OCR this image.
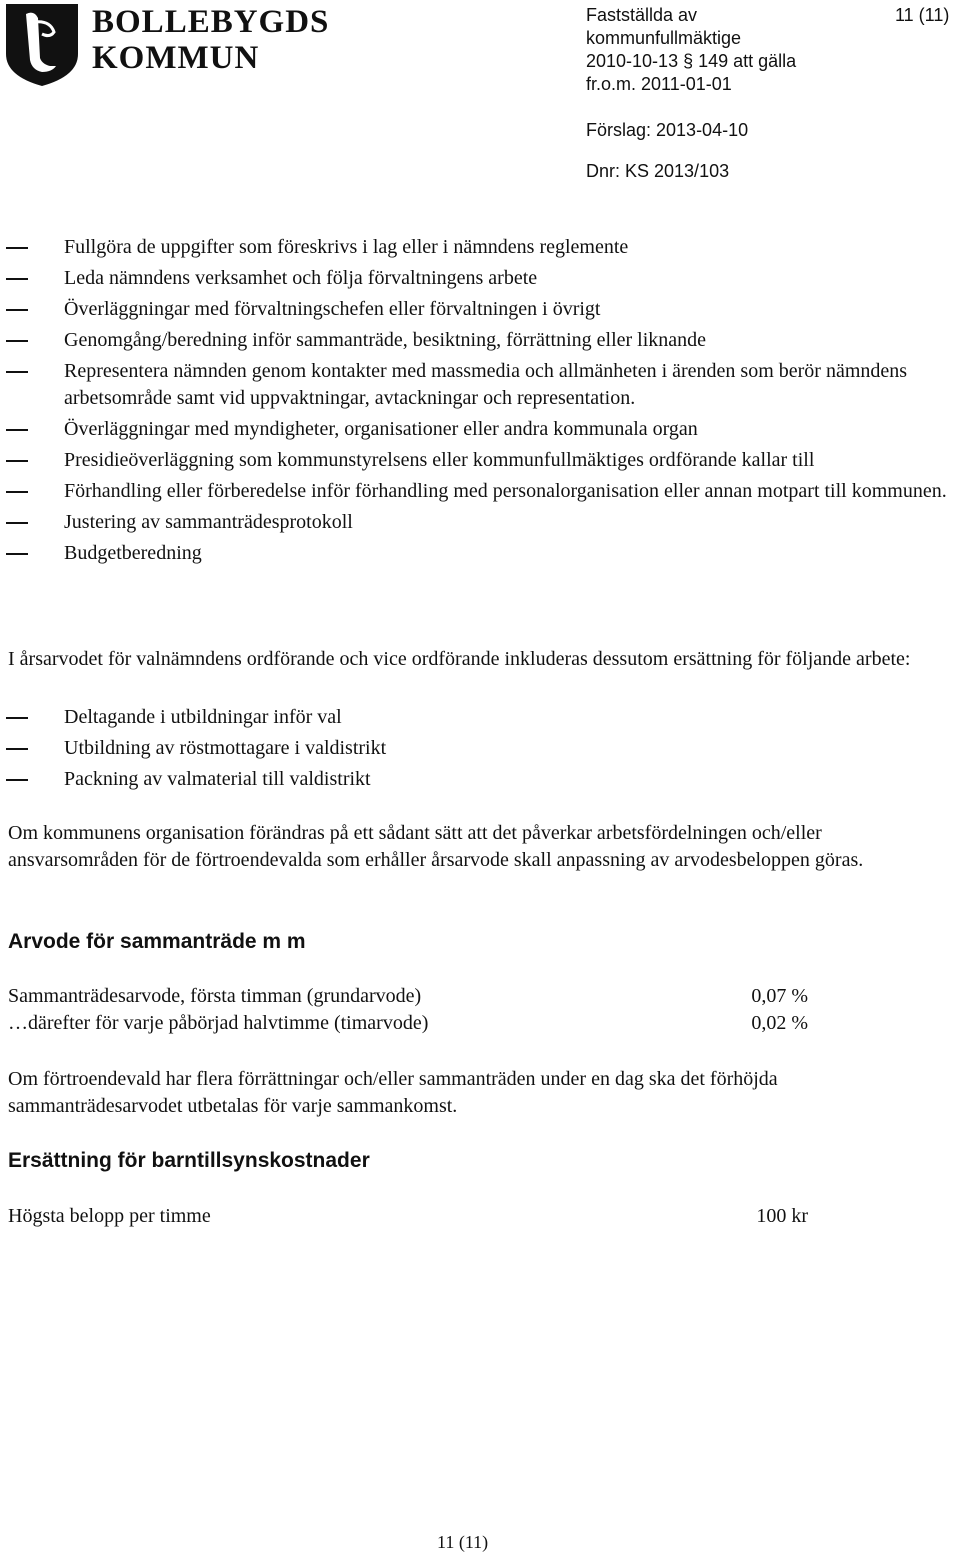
BOLLEBYGDS
KOMMUN
Fastställda av
kommunfullmäktige
2010-10-13 § 149 att gälla
fr.o.m. 2011-01-01
11 (11)
Förslag: 2013-04-10
Dnr: KS 2013/103
Fullgöra de uppgifter som föreskrivs i lag eller i nämndens reglemente
Leda nämndens verksamhet och följa förvaltningens arbete
Överläggningar med förvaltningschefen eller förvaltningen i övrigt
Genomgång/beredning inför sammanträde, besiktning, förrättning eller liknande
Representera nämnden genom kontakter med massmedia och allmänheten i ärenden som berör nämndens arbetsområde samt vid uppvaktningar, avtackningar och representation.
Överläggningar med myndigheter, organisationer eller andra kommunala organ
Presidieöverläggning som kommunstyrelsens eller kommunfullmäktiges ordförande kallar till
Förhandling eller förberedelse inför förhandling med personalorganisation eller annan motpart till kommunen.
Justering av sammanträdesprotokoll
Budgetberedning

I årsarvodet för valnämndens ordförande och vice ordförande inkluderas dessutom ersättning för följande arbete:

Deltagande i utbildningar inför val
Utbildning av röstmottagare i valdistrikt
Packning av valmaterial till valdistrikt

Om kommunens organisation förändras på ett sådant sätt att det påverkar arbetsfördelningen och/eller ansvarsområden för de förtroendevalda som erhåller årsarvode skall anpassning av arvodesbeloppen göras.

Arvode för sammanträde m m
Sammanträdesarvode, första timman (grundarvode)	0,07 %
…därefter för varje påbörjad halvtimme (timarvode)	0,02 %

Om förtroendevald har flera förrättningar och/eller sammanträden under en dag ska det förhöjda sammanträdesarvodet utbetalas för varje sammankomst.

Ersättning för barntillsynskostnader
Högsta belopp per timme	100 kr
11 (11)
